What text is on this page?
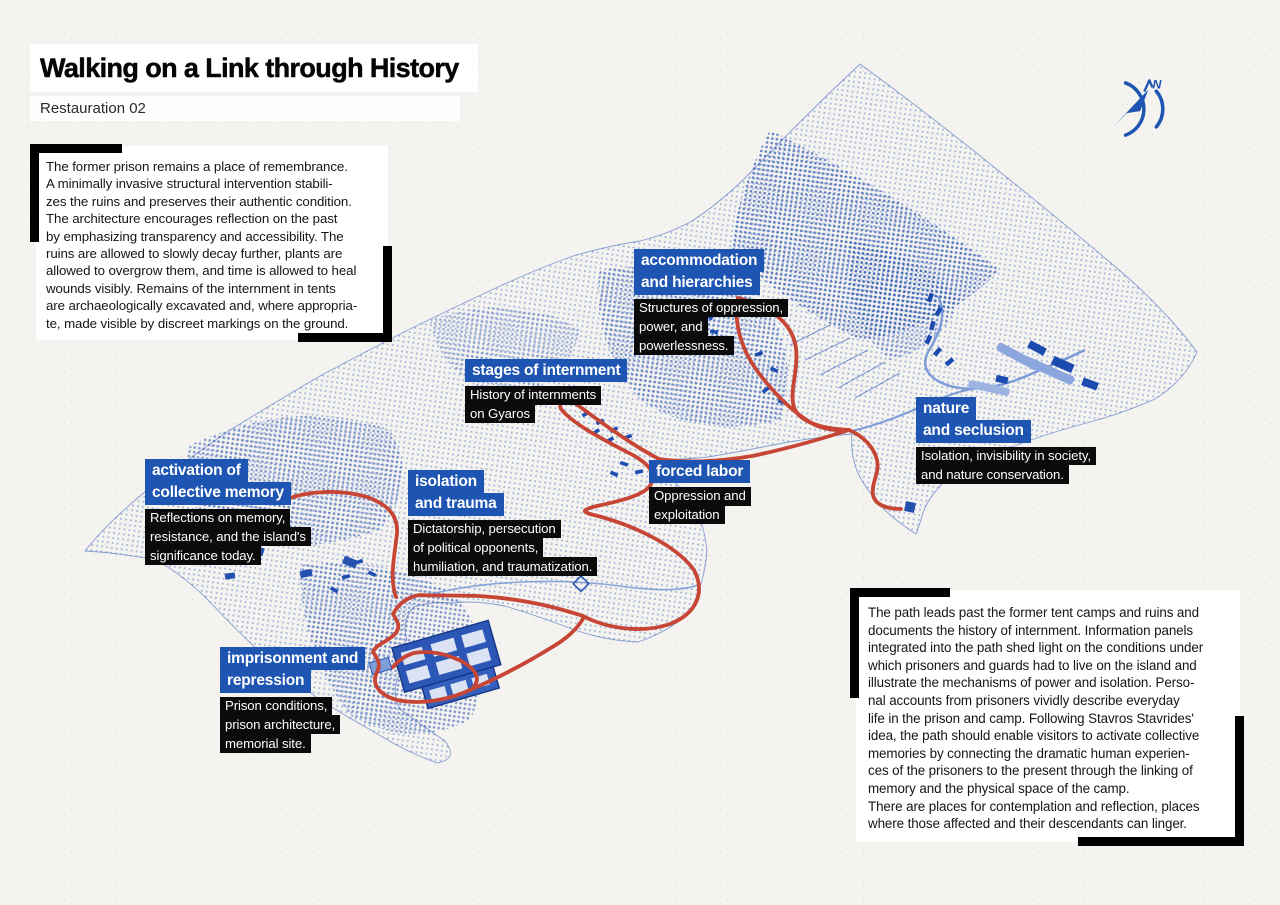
N
Walking on a Link through History
Restauration 02
The former prison remains a place of remembrance.
A minimally invasive structural intervention stabili-
zes the ruins and preserves their authentic condition.
The architecture encourages reflection on the past
by emphasizing transparency and accessibility. The
ruins are allowed to slowly decay further, plants are
allowed to overgrow them, and time is allowed to heal
wounds visibly. Remains of the internment in tents
are archaeologically excavated and, where appropria-
te, made visible by discreet markings on the ground.
The path leads past the former tent camps and ruins and
documents the history of internment. Information panels
integrated into the path shed light on the conditions under
which prisoners and guards had to live on the island and
illustrate the mechanisms of power and isolation. Perso-
nal accounts from prisoners vividly describe everyday
life in the prison and camp. Following Stavros Stavrides'
idea, the path should enable visitors to activate collective
memories by connecting the dramatic human experien-
ces of the prisoners to the present through the linking of
memory and the physical space of the camp.
There are places for contemplation and reflection, places
where those affected and their descendants can linger.
accommodation
and hierarchies
Structures of oppression,
power, and
powerlessness.
stages of internment
History of internments
on Gyaros	nature
and seclusion
Isolation, invisibility in society,
and nature conservation.
activation of
collective memory
Reflections on memory,
resistance, and the island's
significance today.
isolation
and trauma
Dictatorship, persecution
of political opponents,
humiliation, and traumatization.
forced labor
Oppression and
exploitation
imprisonment and
repression
Prison conditions,
prison architecture,
memorial site.
